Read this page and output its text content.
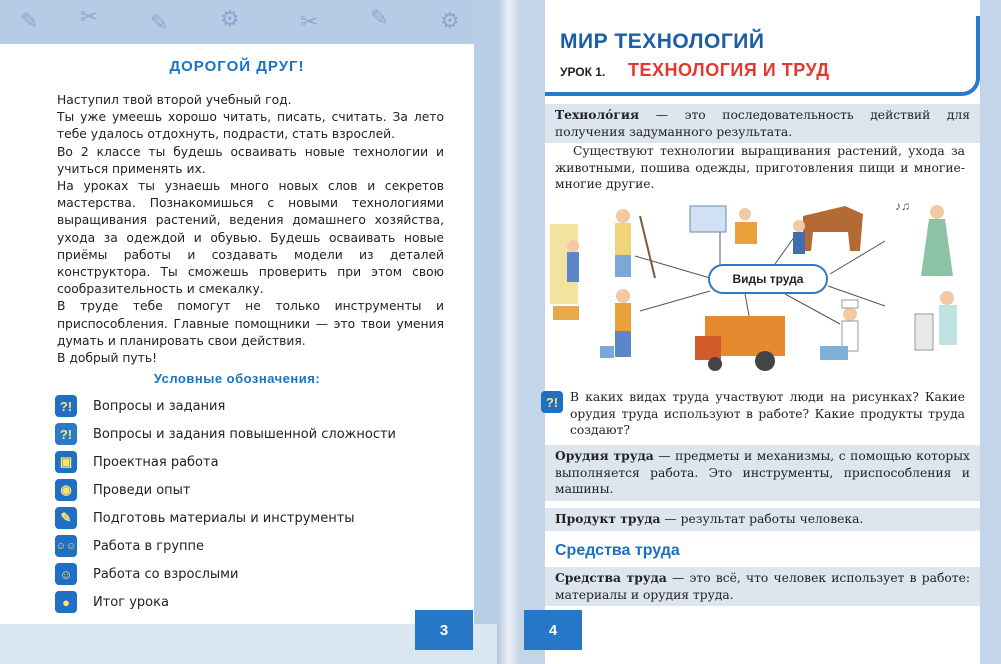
✎ ✂ ✎ ⚙	✂ ✎ ⚙
ДОРОГОЙ ДРУГ!

Наступил твой второй учебный год.

Ты уже умеешь хорошо читать, писать, считать. За лето тебе удалось отдохнуть, подрасти, стать взрослей.

Во 2 классе ты будешь осваивать новые технологии и учиться применять их.

На уроках ты узнаешь много новых слов и секретов мастерства. Познакомишься с новыми технологиями выращивания растений, ведения домашнего хозяйства, ухода за одеждой и обувью. Будешь осваивать новые приёмы работы и создавать модели из деталей конструктора. Ты сможешь проверить при этом свою сообразительность и смекалку.

В труде тебе помогут не только инструменты и приспособления. Главные помощники — это твои умения думать и планировать свои действия.

В добрый путь!

Условные обозначения:
?!	Вопросы и задания
?!	Вопросы и задания повышенной сложности
▣	Проектная работа
◉	Проведи опыт
✎	Подготовь материалы и инструменты
☺☺ Работа в группе
☺	Работа со взрослыми
●	Итог урока
3
МИР ТЕХНОЛОГИЙ
УРОК 1. ТЕХНОЛОГИЯ И ТРУД
Технолóгия — это последовательность действий для получения задуманного результата.
Существуют технологии выращивания растений, ухода за животными, пошива одежды, приготовления пищи и многие-многие другие.
♪♫
Виды труда
?! В каких видах труда участвуют люди на рисунках? Какие орудия труда используют в работе? Какие продукты труда создают?
Орудия труда — предметы и механизмы, с помощью которых выполняется работа. Это инструменты, приспособления и машины.
Продукт труда — результат работы человека.
Средства труда
Средства труда — это всё, что человек использует в работе: материалы и орудия труда.
4
